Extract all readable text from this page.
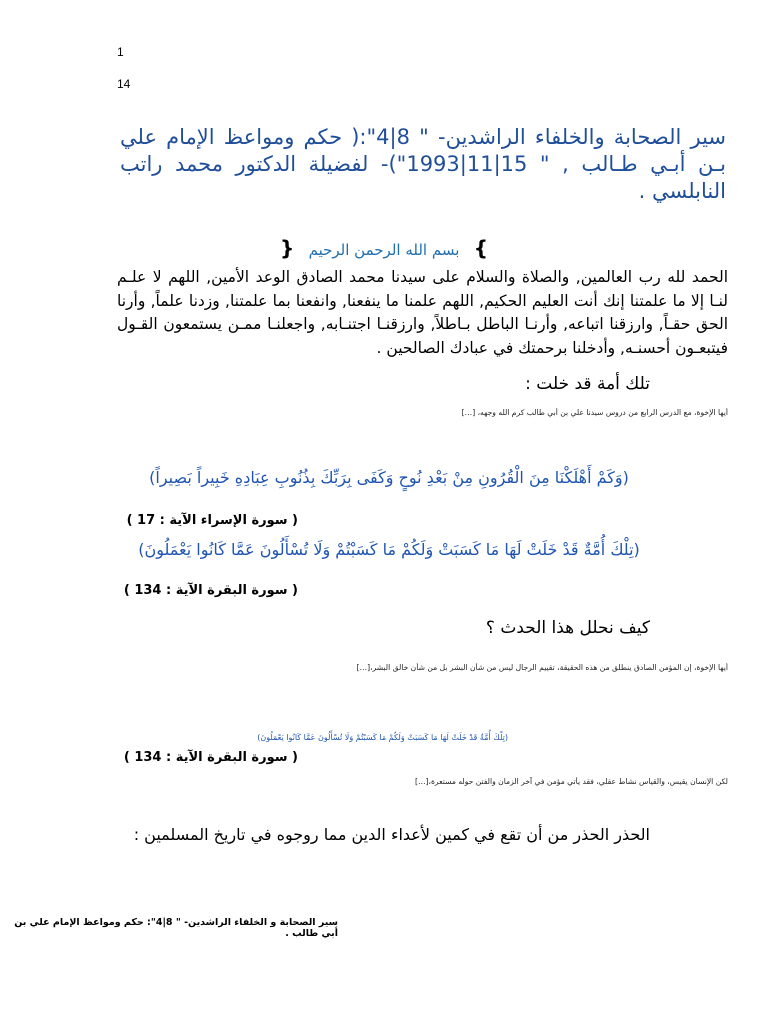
1
14
سير الصحابة والخلفاء الراشدين- " 8|4":( حكم ومواعظ الإمام علي بـن أبـي طـالب , " 15|11|1993")- لفضيلة الدكتور محمد راتب النابلسي .
}   بسم الله الرحمن الرحيم   {
الحمد لله رب العالمين, والصلاة والسلام على سيدنا محمد الصادق الوعد الأمين, اللهم لا علـم لنـا إلا ما علمتنا إنك أنت العليم الحكيم, اللهم علمنا ما ينفعنا, وانفعنا بما علمتنا, وزدنا علماً, وأرنا الحق حقـاً, وارزقنا اتباعه, وأرنـا الباطل بـاطلاً, وارزقنـا اجتنـابه, واجعلنـا ممـن يستمعون القـول فيتبعـون أحسنـه, وأدخلنا برحمتك في عبادك الصالحين .
تلك أمة قد خلت :
أيها الإخوة، مع الدرس الرابع من دروس سيدنا علي بن أبي طالب كرم الله وجهه، […]
(وَكَمْ أَهْلَكْنَا مِنَ الْقُرُونِ مِنْ بَعْدِ نُوحٍ وَكَفَى بِرَبِّكَ بِذُنُوبِ عِبَادِهِ خَبِيراً بَصِيراً)
( سورة الإسراء الآية : 17 )
(تِلْكَ أُمَّةٌ قَدْ خَلَتْ لَهَا مَا كَسَبَتْ وَلَكُمْ مَا كَسَبْتُمْ وَلَا تُسْأَلُونَ عَمَّا كَانُوا يَعْمَلُونَ)
( سورة البقرة الآية : 134 )
كيف نحلل هذا الحدث ؟
أيها الإخوة، إن المؤمن الصادق ينطلق من هذه الحقيقة، تقييم الرجال ليس من شأن البشر بل من شأن خالق البشر،[…]
(تِلْكَ أُمَّةٌ قَدْ خَلَتْ لَهَا مَا كَسَبَتْ وَلَكُمْ مَا كَسَبْتُمْ وَلَا تُسْأَلُونَ عَمَّا كَانُوا يَعْمَلُونَ)
( سورة البقرة الآية : 134 )
لكن الإنسان يقيس، والقياس نشاط عقلي، فقد يأتي مؤمن في آخر الزمان والفتن حوله مستعرة،[…]
الحذر الحذر من أن تقع في كمين لأعداء الدين مما روجوه في تاريخ المسلمين :
سير الصحابة و الخلفاء الراشدين- " 8|4": حكم ومواعظ الإمام علي بن أبي طالب .
